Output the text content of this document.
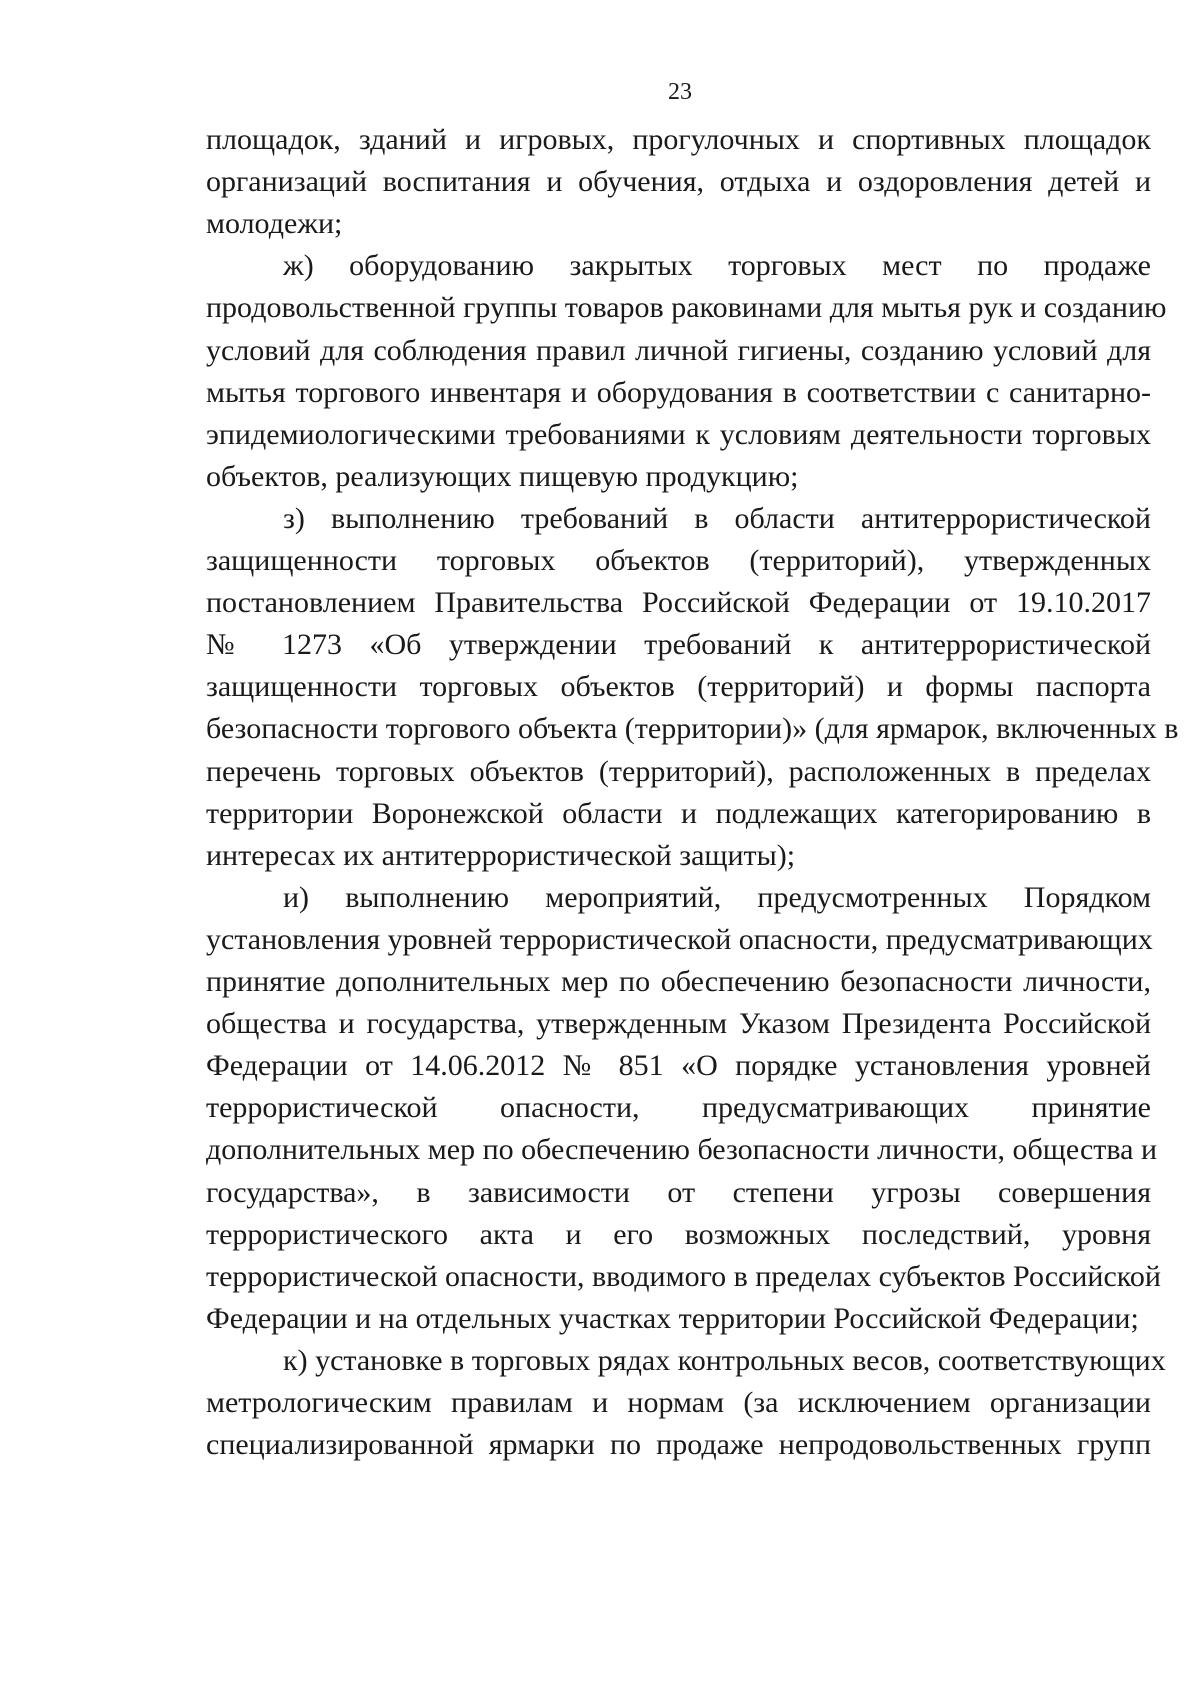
23
площадок, зданий и игровых, прогулочных и спортивных площадок
организаций воспитания и обучения, отдыха и оздоровления детей и
молодежи;
ж) оборудованию закрытых торговых мест по продаже
продовольственной группы товаров раковинами для мытья рук и созданию
условий для соблюдения правил личной гигиены, созданию условий для
мытья торгового инвентаря и оборудования в соответствии с санитарно-
эпидемиологическими требованиями к условиям деятельности торговых
объектов, реализующих пищевую продукцию;
з) выполнению требований в области антитеррористической
защищенности торговых объектов (территорий), утвержденных
постановлением Правительства Российской Федерации от 19.10.2017
№ 1273 «Об утверждении требований к антитеррористической
защищенности торговых объектов (территорий) и формы паспорта
безопасности торгового объекта (территории)» (для ярмарок, включенных в
перечень торговых объектов (территорий), расположенных в пределах
территории Воронежской области и подлежащих категорированию в
интересах их антитеррористической защиты);
и) выполнению мероприятий, предусмотренных Порядком
установления уровней террористической опасности, предусматривающих
принятие дополнительных мер по обеспечению безопасности личности,
общества и государства, утвержденным Указом Президента Российской
Федерации от 14.06.2012 № 851 «О порядке установления уровней
террористической опасности, предусматривающих принятие
дополнительных мер по обеспечению безопасности личности, общества и
государства», в зависимости от степени угрозы совершения
террористического акта и его возможных последствий, уровня
террористической опасности, вводимого в пределах субъектов Российской
Федерации и на отдельных участках территории Российской Федерации;
к) установке в торговых рядах контрольных весов, соответствующих
метрологическим правилам и нормам (за исключением организации
специализированной ярмарки по продаже непродовольственных групп
